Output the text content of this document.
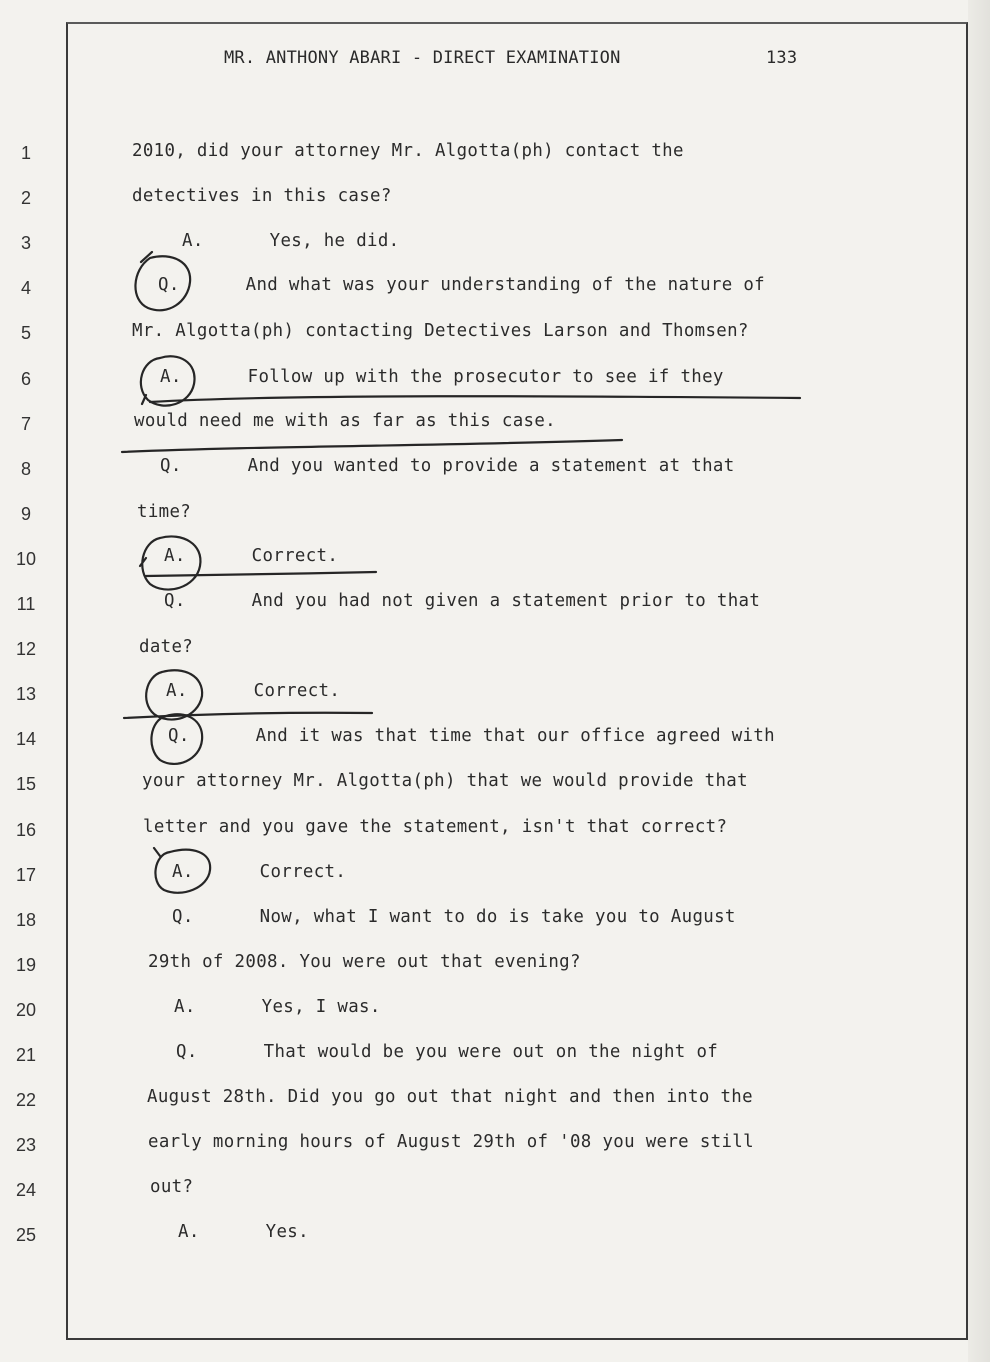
MR. ANTHONY ABARI - DIRECT EXAMINATION	133
1	2010, did your attorney Mr. Algotta(ph) contact the
2	detectives in this case?
3	A.	Yes, he did.
4	Q.	And what was your understanding of the nature of
5	Mr. Algotta(ph) contacting Detectives Larson and Thomsen?
6	A.	Follow up with the prosecutor to see if they
7	would need me with as far as this case.
8	Q.	And you wanted to provide a statement at that
9	time?
10	A.	Correct.
11	Q.	And you had not given a statement prior to that
12	date?
13	A.	Correct.
14	Q.	And it was that time that our office agreed with
15	your attorney Mr. Algotta(ph) that we would provide that
16	letter and you gave the statement, isn't that correct?
17	A.	Correct.
18	Q.	Now, what I want to do is take you to August
19	29th of 2008. You were out that evening?
20	A.	Yes, I was.
21	Q.	That would be you were out on the night of
22	August 28th. Did you go out that night and then into the
23	early morning hours of August 29th of '08 you were still
24	out?
25	A.	Yes.
